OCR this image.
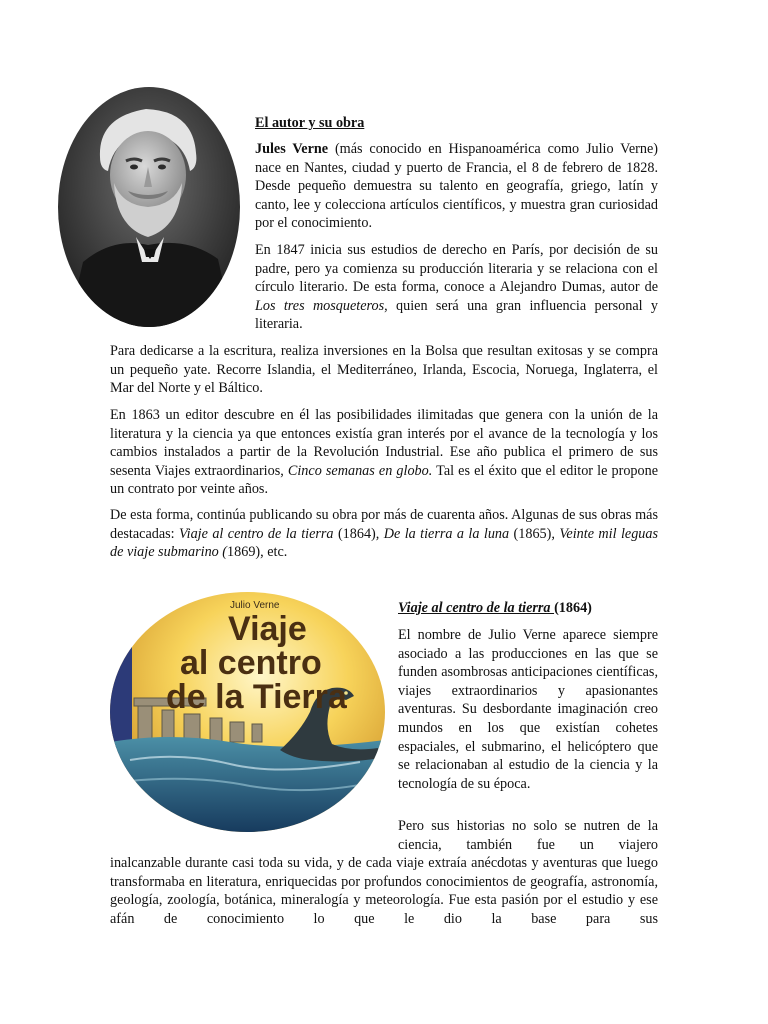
El autor y su obra

Jules Verne (más conocido en Hispanoamérica como Julio Verne) nace en Nantes, ciudad y puerto de Francia, el 8 de febrero de 1828. Desde pequeño demuestra su talento en geografía, griego, latín y canto, lee y colecciona artículos científicos, y muestra gran curiosidad por el conocimiento.

En 1847 inicia sus estudios de derecho en París, por decisión de su padre, pero ya comienza su producción literaria y se relaciona con el círculo literario. De esta forma, conoce a Alejandro Dumas, autor de Los tres mosqueteros, quien será una gran influencia personal y literaria.

Para dedicarse a la escritura, realiza inversiones en la Bolsa que resultan exitosas y se compra un pequeño yate. Recorre Islandia, el Mediterráneo, Irlanda, Escocia, Noruega, Inglaterra, el Mar del Norte y el Báltico.

En 1863 un editor descubre en él las posibilidades ilimitadas que genera con la unión de la literatura y la ciencia ya que entonces existía gran interés por el avance de la tecnología y los cambios instalados a partir de la Revolución Industrial. Ese año publica el primero de sus sesenta Viajes extraordinarios, Cinco semanas en globo. Tal es el éxito que el editor le propone un contrato por veinte años.

De esta forma, continúa publicando su obra por más de cuarenta años. Algunas de sus obras más destacadas: Viaje al centro de la tierra (1864), De la tierra a la luna (1865), Veinte mil leguas de viaje submarino (1869), etc.

Julio Verne
Viaje
al centro
de la Tierra

Viaje al centro de la tierra (1864)

El nombre de Julio Verne aparece siempre asociado a las producciones en las que se funden asombrosas anticipaciones científicas, viajes extraordinarios y apasionantes aventuras. Su desbordante imaginación creo mundos en los que existían cohetes espaciales, el submarino, el helicóptero que se relacionaban al estudio de la ciencia y la tecnología de su época.

Pero sus historias no solo se nutren de la ciencia, también fue un viajero

inalcanzable durante casi toda su vida, y de cada viaje extraía anécdotas y aventuras que luego transformaba en literatura, enriquecidas por profundos conocimientos de geografía, astronomía, geología, zoología, botánica, mineralogía y meteorología. Fue esta pasión por el estudio y ese afán de conocimiento lo que le dio la base para sus
